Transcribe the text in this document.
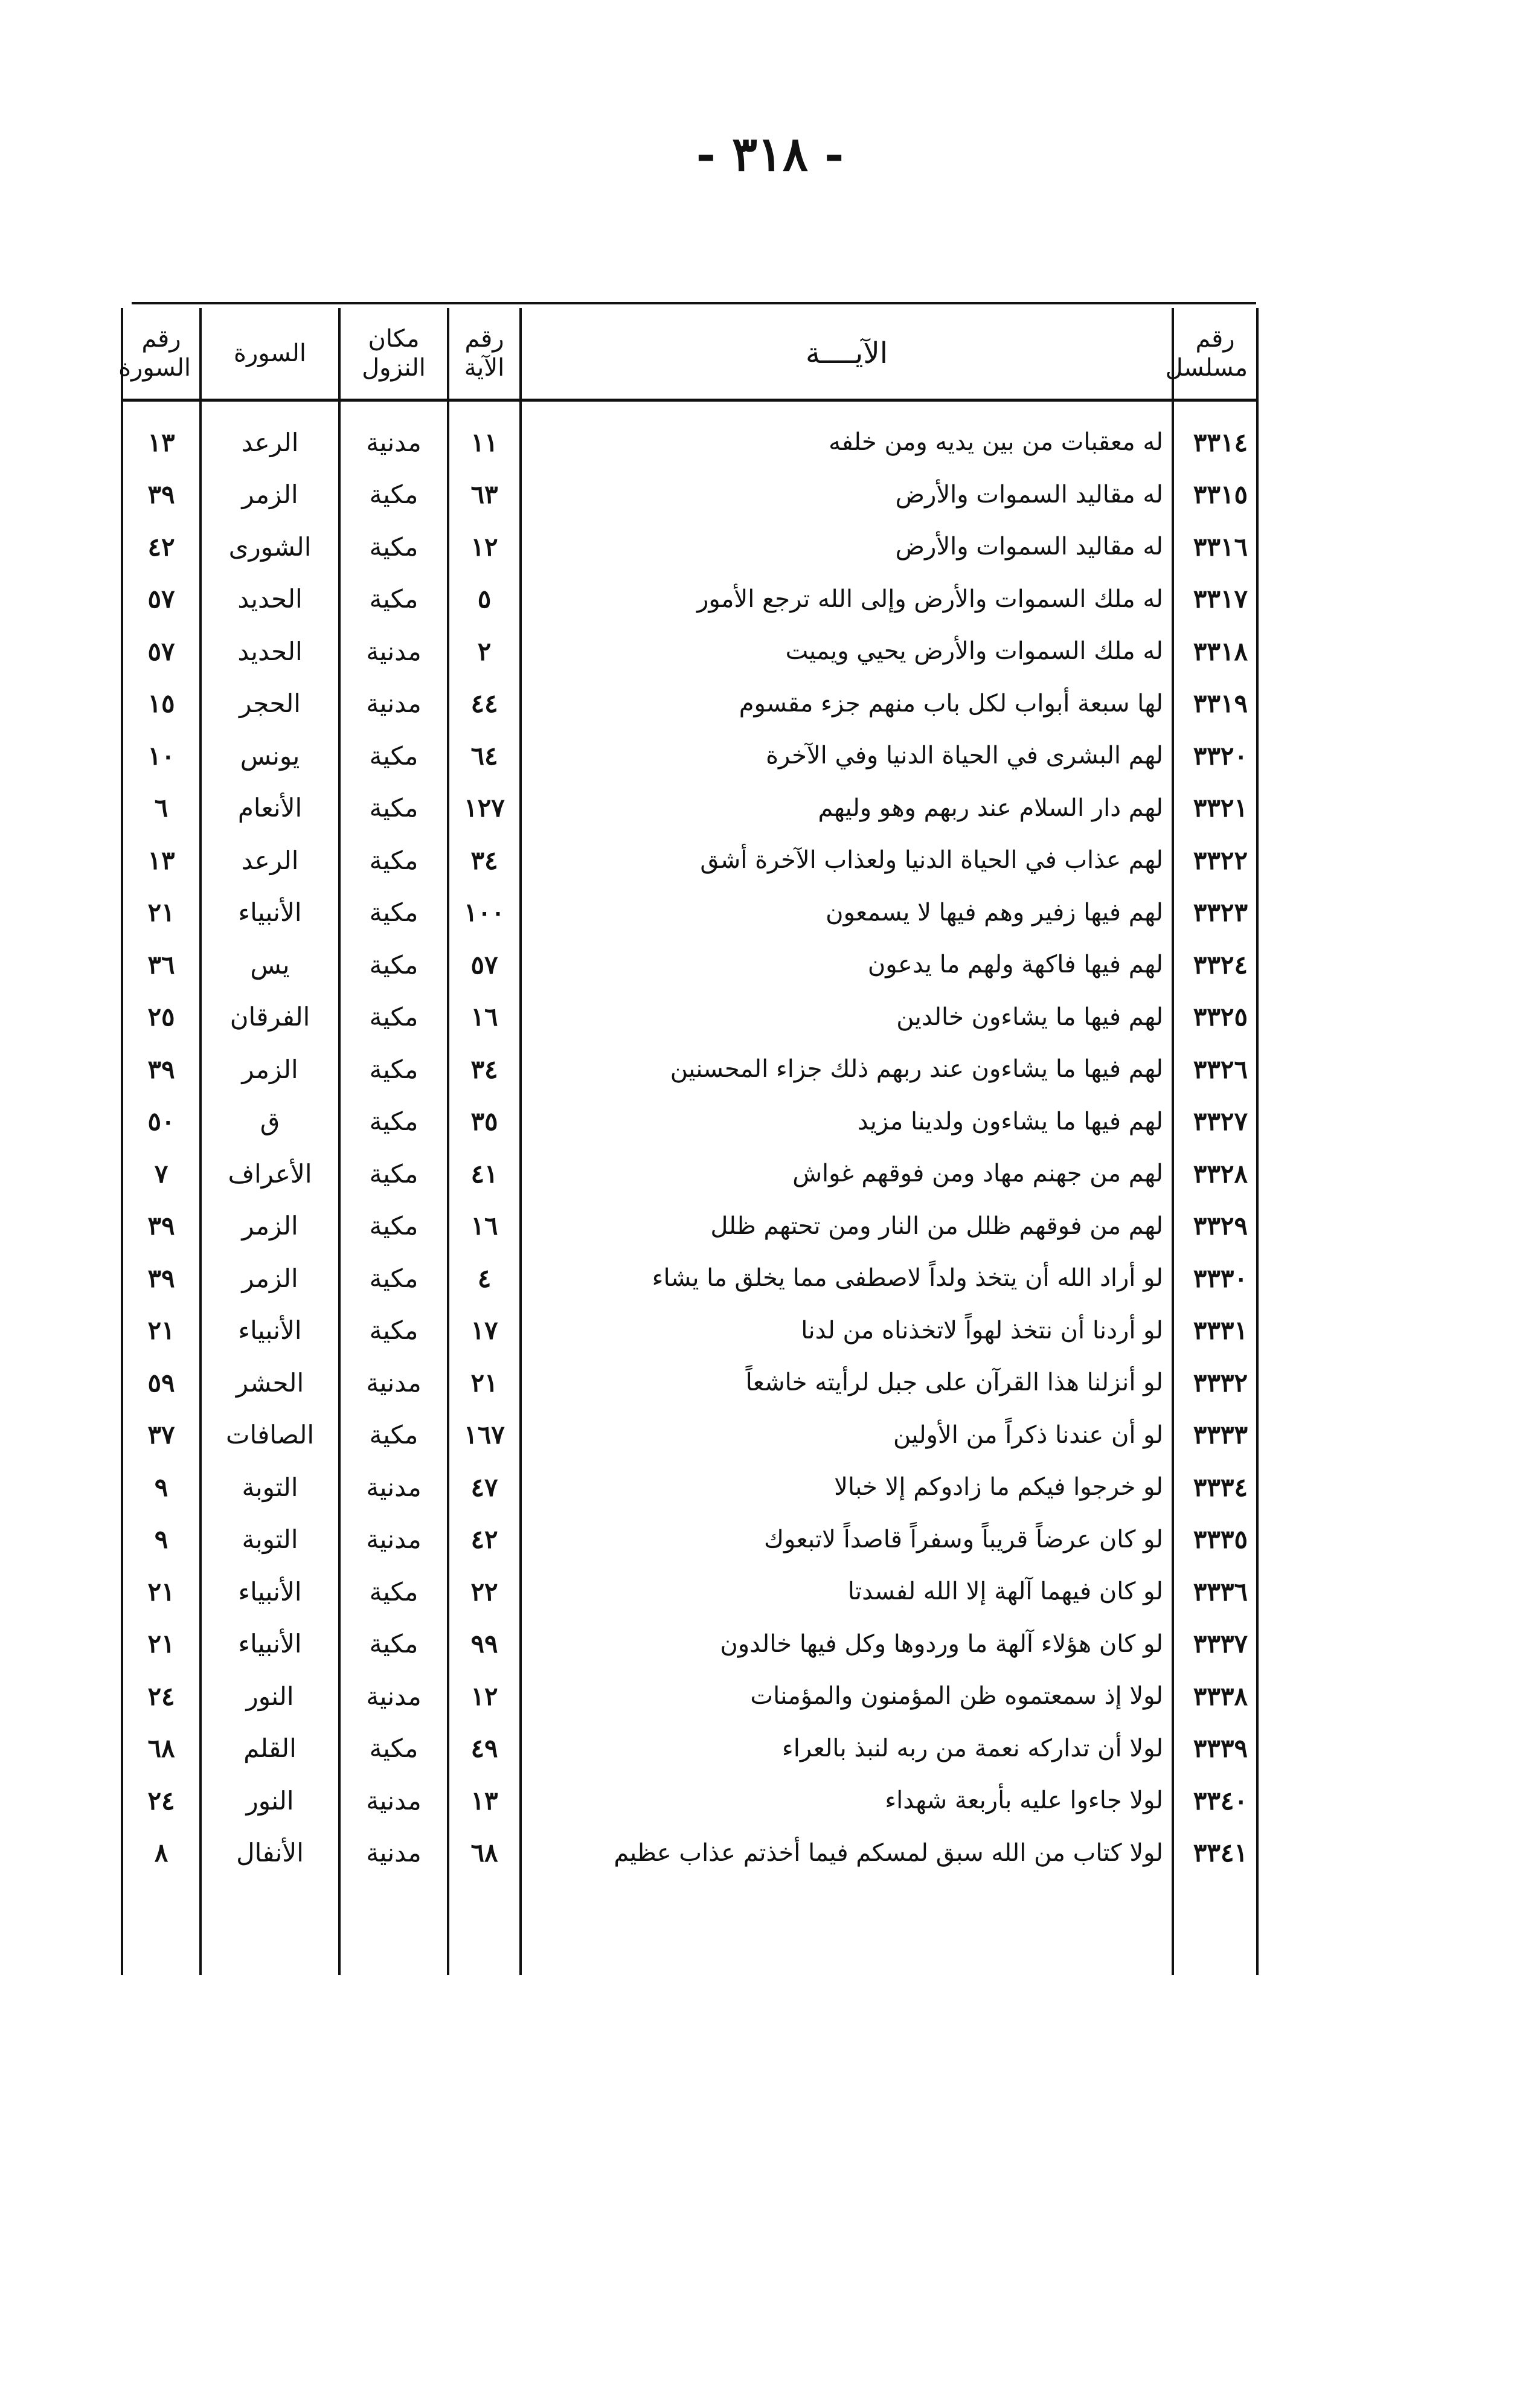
- ٣١٨ -
رقم مسلسل	الآيــــة	رقم الآية	مكان النزول	السورة	رقم السورة
٣٣١٤	له معقبات من بين يديه ومن خلفه	١١	مدنية	الرعد	١٣
٣٣١٥	له مقاليد السموات والأرض	٦٣	مكية	الزمر	٣٩
٣٣١٦	له مقاليد السموات والأرض	١٢	مكية	الشورى	٤٢
٣٣١٧	له ملك السموات والأرض وإلى الله ترجع الأمور	٥	مكية	الحديد	٥٧
٣٣١٨	له ملك السموات والأرض يحيي ويميت	٢	مدنية	الحديد	٥٧
٣٣١٩	لها سبعة أبواب لكل باب منهم جزء مقسوم	٤٤	مدنية	الحجر	١٥
٣٣٢٠	لهم البشرى في الحياة الدنيا وفي الآخرة	٦٤	مكية	يونس	١٠
٣٣٢١	لهم دار السلام عند ربهم وهو وليهم	١٢٧	مكية	الأنعام	٦
٣٣٢٢	لهم عذاب في الحياة الدنيا ولعذاب الآخرة أشق	٣٤	مكية	الرعد	١٣
٣٣٢٣	لهم فيها زفير وهم فيها لا يسمعون	١٠٠	مكية	الأنبياء	٢١
٣٣٢٤	لهم فيها فاكهة ولهم ما يدعون	٥٧	مكية	يس	٣٦
٣٣٢٥	لهم فيها ما يشاءون خالدين	١٦	مكية	الفرقان	٢٥
٣٣٢٦	لهم فيها ما يشاءون عند ربهم ذلك جزاء المحسنين	٣٤	مكية	الزمر	٣٩
٣٣٢٧	لهم فيها ما يشاءون ولدينا مزيد	٣٥	مكية	ق	٥٠
٣٣٢٨	لهم من جهنم مهاد ومن فوقهم غواش	٤١	مكية	الأعراف	٧
٣٣٢٩	لهم من فوقهم ظلل من النار ومن تحتهم ظلل	١٦	مكية	الزمر	٣٩
٣٣٣٠	لو أراد الله أن يتخذ ولداً لاصطفى مما يخلق ما يشاء	٤	مكية	الزمر	٣٩
٣٣٣١	لو أردنا أن نتخذ لهواً لاتخذناه من لدنا	١٧	مكية	الأنبياء	٢١
٣٣٣٢	لو أنزلنا هذا القرآن على جبل لرأيته خاشعاً	٢١	مدنية	الحشر	٥٩
٣٣٣٣	لو أن عندنا ذكراً من الأولين	١٦٧	مكية	الصافات	٣٧
٣٣٣٤	لو خرجوا فيكم ما زادوكم إلا خبالا	٤٧	مدنية	التوبة	٩
٣٣٣٥	لو كان عرضاً قريباً وسفراً قاصداً لاتبعوك	٤٢	مدنية	التوبة	٩
٣٣٣٦	لو كان فيهما آلهة إلا الله لفسدتا	٢٢	مكية	الأنبياء	٢١
٣٣٣٧	لو كان هؤلاء آلهة ما وردوها وكل فيها خالدون	٩٩	مكية	الأنبياء	٢١
٣٣٣٨	لولا إذ سمعتموه ظن المؤمنون والمؤمنات	١٢	مدنية	النور	٢٤
٣٣٣٩	لولا أن تداركه نعمة من ربه لنبذ بالعراء	٤٩	مكية	القلم	٦٨
٣٣٤٠	لولا جاءوا عليه بأربعة شهداء	١٣	مدنية	النور	٢٤
٣٣٤١	لولا كتاب من الله سبق لمسكم فيما أخذتم عذاب عظيم	٦٨	مدنية	الأنفال	٨
